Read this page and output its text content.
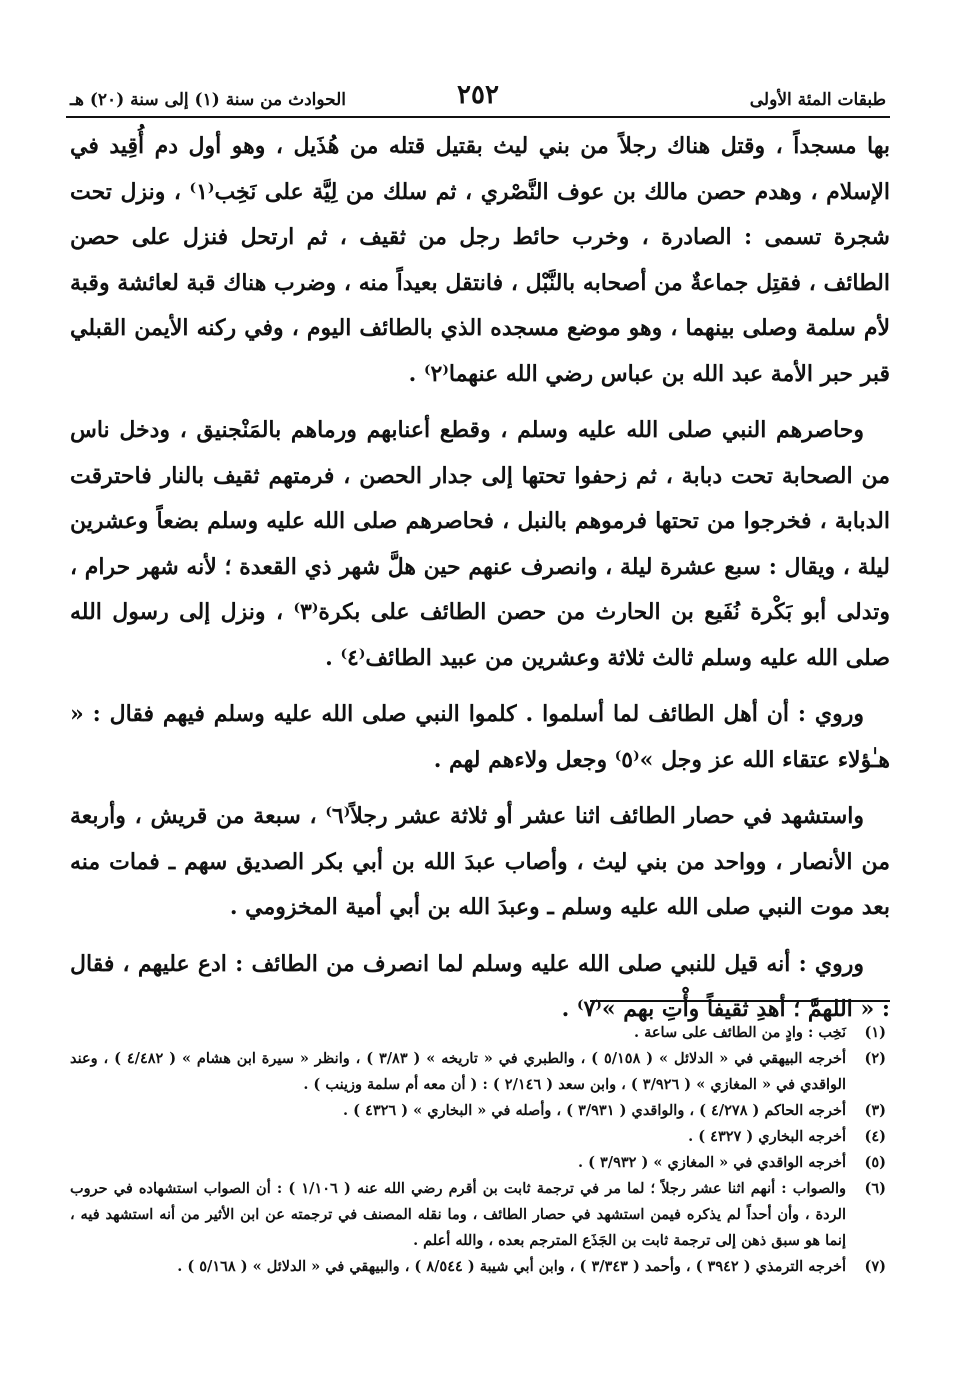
طبقات المئة الأولى
٢٥٢
الحوادث من سنة (١) إلى سنة (٢٠) هـ

بها مسجداً ، وقتل هناك رجلاً من بني ليث بقتيل قتله من هُذَيل ، وهو أول دم أُقِيد في الإسلام ، وهدم حصن مالك بن عوف النَّصْري ، ثم سلك من لِيَّة على نَخِب⁽١⁾ ، ونزل تحت شجرة تسمى : الصادرة ، وخرب حائط رجل من ثقيف ، ثم ارتحل فنزل على حصن الطائف ، فقتِل جماعةٌ من أصحابه بالنَّبْل ، فانتقل بعيداً منه ، وضرب هناك قبة لعائشة وقبة لأم سلمة وصلى بينهما ، وهو موضع مسجده الذي بالطائف اليوم ، وفي ركنه الأيمن القبلي قبر حبر الأمة عبد الله بن عباس رضي الله عنهما⁽٢⁾ .

وحاصرهم النبي صلى الله عليه وسلم ، وقطع أعنابهم ورماهم بالمَنْجنيق ، ودخل ناس من الصحابة تحت دبابة ، ثم زحفوا تحتها إلى جدار الحصن ، فرمتهم ثقيف بالنار فاحترقت الدبابة ، فخرجوا من تحتها فرموهم بالنبل ، فحاصرهم صلى الله عليه وسلم بضعاً وعشرين ليلة ، ويقال : سبع عشرة ليلة ، وانصرف عنهم حين هلَّ شهر ذي القعدة ؛ لأنه شهر حرام ، وتدلى أبو بَكْرة نُفَيع بن الحارث من حصن الطائف على بكرة⁽٣⁾ ، ونزل إلى رسول الله صلى الله عليه وسلم ثالث ثلاثة وعشرين من عبيد الطائف⁽٤⁾ .

وروي : أن أهل الطائف لما أسلموا . كلموا النبي صلى الله عليه وسلم فيهم فقال : « هـٰؤلاء عتقاء الله عز وجل »⁽٥⁾ وجعل ولاءهم لهم .

واستشهد في حصار الطائف اثنا عشر أو ثلاثة عشر رجلاً⁽٦⁾ ، سبعة من قريش ، وأربعة من الأنصار ، وواحد من بني ليث ، وأصاب عبدَ الله بن أبي بكر الصديق سهم ـ فمات منه بعد موت النبي صلى الله عليه وسلم ـ وعبدَ الله بن أبي أمية المخزومي .

وروي : أنه قيل للنبي صلى الله عليه وسلم لما انصرف من الطائف : ادع عليهم ، فقال : « اللهمَّ ؛ أهدِ ثقيفاً وأْتِ بهم »⁽٧⁾ .

(١)
نَخِب : وادٍ من الطائف على ساعة .
(٢)
أخرجه البيهقي في « الدلائل » ( ٥/١٥٨ ) ، والطبري في « تاريخه » ( ٣/٨٣ ) ، وانظر « سيرة ابن هشام » ( ٤/٤٨٢ ) ، وعند الواقدي في « المغازي » ( ٣/٩٢٦ ) ، وابن سعد ( ٢/١٤٦ ) : ( أن معه أم سلمة وزينب ) .
(٣)
أخرجه الحاكم ( ٤/٢٧٨ ) ، والواقدي ( ٣/٩٣١ ) ، وأصله في « البخاري » ( ٤٣٢٦ ) .
(٤)
أخرجه البخاري ( ٤٣٢٧ ) .
(٥)
أخرجه الواقدي في « المغازي » ( ٣/٩٣٢ ) .
(٦)
والصواب : أنهم اثنا عشر رجلاً ؛ لما مر في ترجمة ثابت بن أقرم رضي الله عنه ( ١/١٠٦ ) : أن الصواب استشهاده في حروب الردة ، وأن أحداً لم يذكره فيمن استشهد في حصار الطائف ، وما نقله المصنف في ترجمته عن ابن الأثير من أنه استشهد فيه ، إنما هو سبق ذهن إلى ترجمة ثابت بن الجَذَع المترجم بعده ، والله أعلم .
(٧)
أخرجه الترمذي ( ٣٩٤٢ ) ، وأحمد ( ٣/٣٤٣ ) ، وابن أبي شيبة ( ٨/٥٤٤ ) ، والبيهقي في « الدلائل » ( ٥/١٦٨ ) .
